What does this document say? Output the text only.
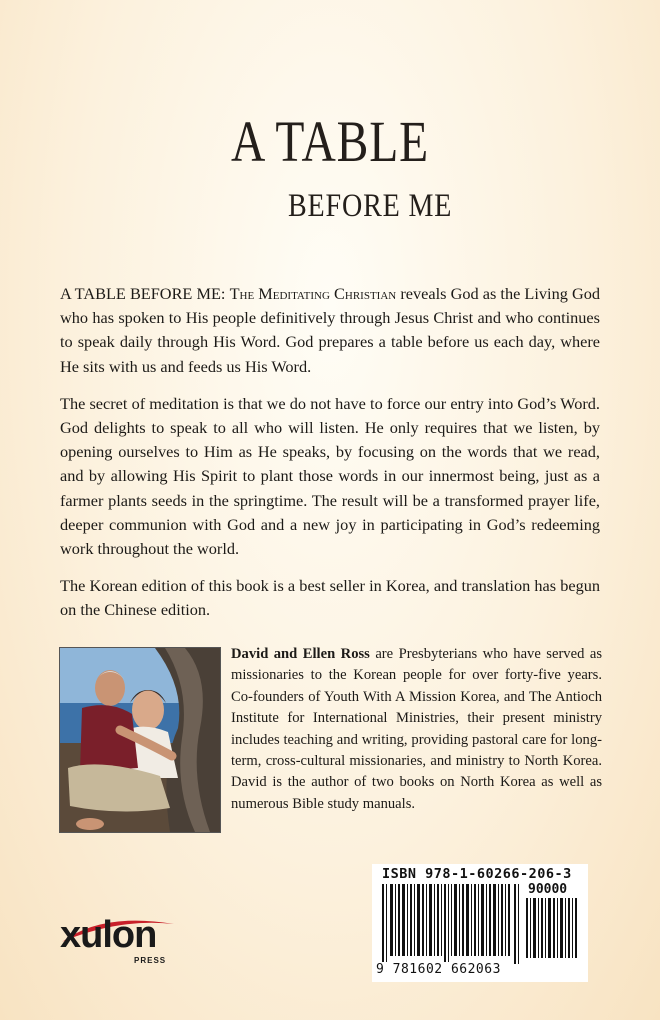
A TABLE
BEFORE ME

A TABLE BEFORE ME: The Meditating Christian reveals God as the Living God who has spoken to His people definitively through Jesus Christ and who continues to speak daily through His Word. God prepares a table before us each day, where He sits with us and feeds us His Word.

The secret of meditation is that we do not have to force our entry into God’s Word. God delights to speak to all who will listen. He only requires that we listen, by opening ourselves to Him as He speaks, by focusing on the words that we read, and by allowing His Spirit to plant those words in our innermost being, just as a farmer plants seeds in the springtime. The result will be a transformed prayer life, deeper communion with God and a new joy in participating in God’s redeeming work throughout the world.

The Korean edition of this book is a best seller in Korea, and translation has begun on the Chinese edition.

David and Ellen Ross are Presbyterians who have served as missionaries to the Korean people for over forty-five years. Co-founders of Youth With A Mission Korea, and The Antioch Institute for International Ministries, their present ministry includes teaching and writing, providing pastoral care for long-term, cross-cultural missionaries, and ministry to North Korea. David is the author of two books on North Korea as well as numerous Bible study manuals.
xulon
PRESS
ISBN 978-1-60266-206-3
90000
9 781602 662063
